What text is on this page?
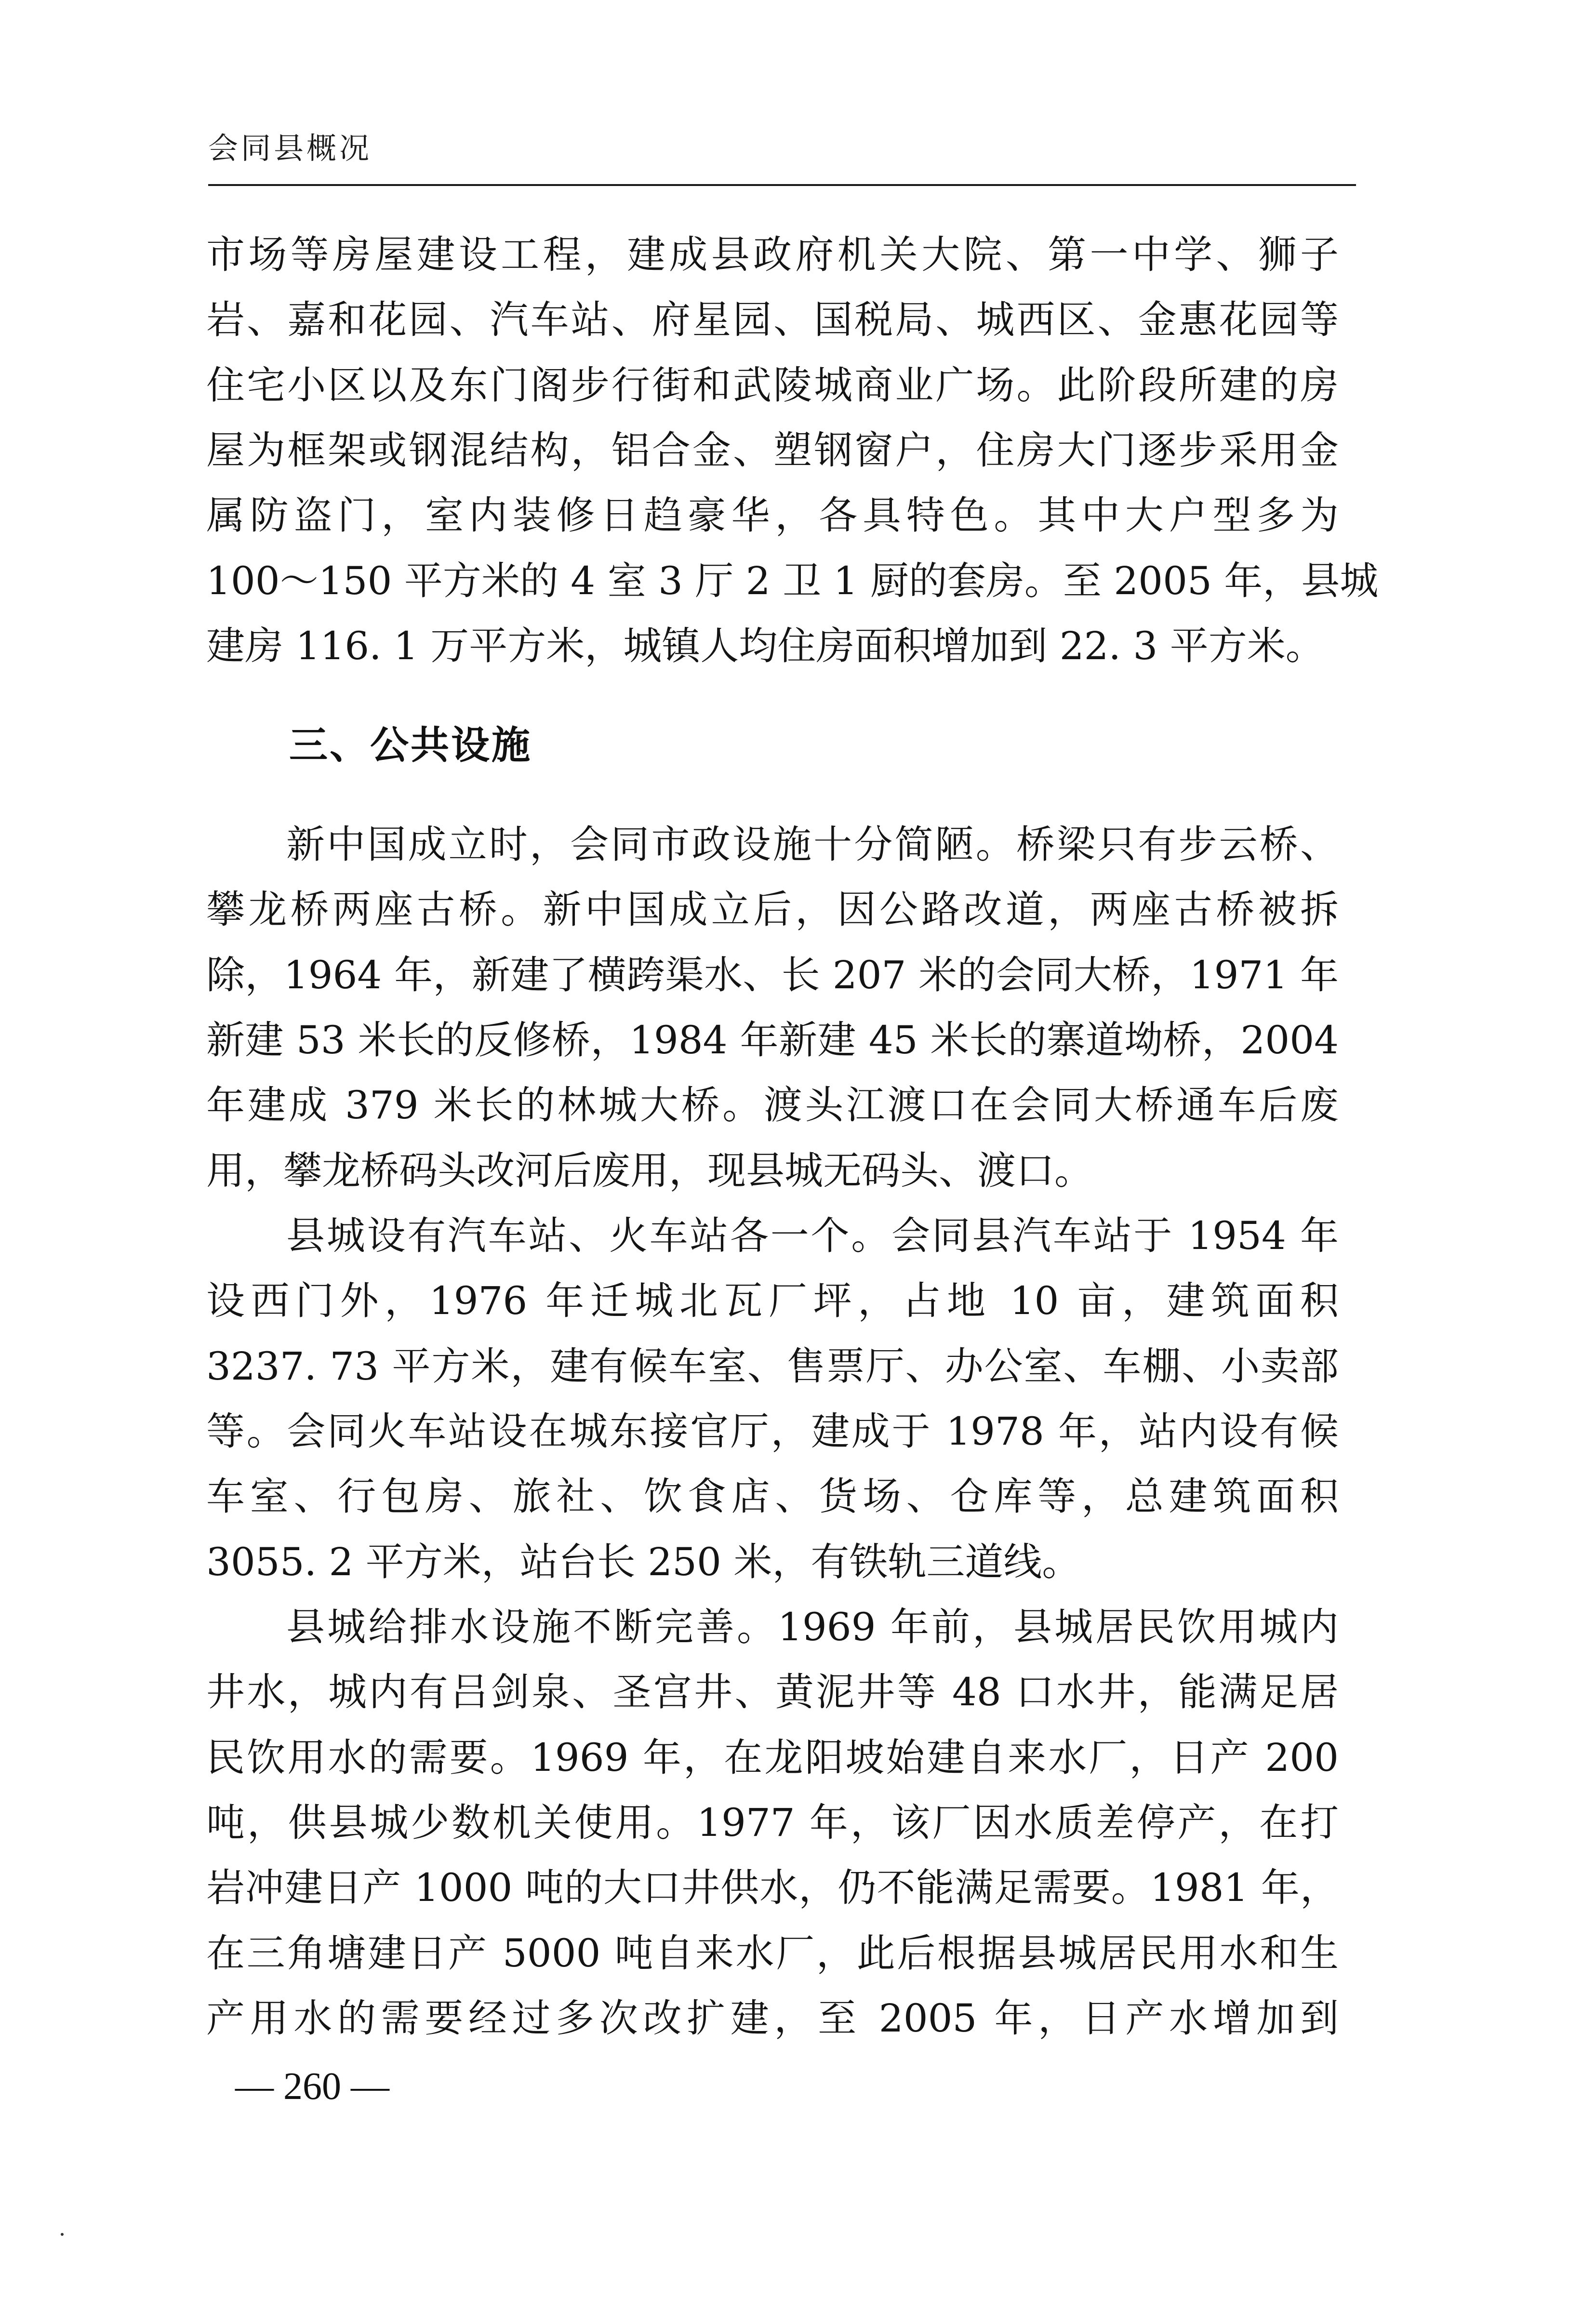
会同县概况
市场等房屋建设工程，建成县政府机关大院、第一中学、狮子
岩、嘉和花园、汽车站、府星园、国税局、城西区、金惠花园等
住宅小区以及东门阁步行街和武陵城商业广场。此阶段所建的房
屋为框架或钢混结构，铝合金、塑钢窗户，住房大门逐步采用金
属防盗门，室内装修日趋豪华，各具特色。其中大户型多为
100～150 平方米的 4 室 3 厅 2 卫 1 厨的套房。至 2005 年，县城
建房 116. 1 万平方米，城镇人均住房面积增加到 22. 3 平方米。
三、公共设施
新中国成立时，会同市政设施十分简陋。桥梁只有步云桥、
攀龙桥两座古桥。新中国成立后，因公路改道，两座古桥被拆
除，1964 年，新建了横跨渠水、长 207 米的会同大桥，1971 年
新建 53 米长的反修桥，1984 年新建 45 米长的寨道坳桥，2004
年建成 379 米长的林城大桥。渡头江渡口在会同大桥通车后废
用，攀龙桥码头改河后废用，现县城无码头、渡口。
县城设有汽车站、火车站各一个。会同县汽车站于 1954 年
设西门外，1976 年迁城北瓦厂坪，占地 10 亩，建筑面积
3237. 73 平方米，建有候车室、售票厅、办公室、车棚、小卖部
等。会同火车站设在城东接官厅，建成于 1978 年，站内设有候
车室、行包房、旅社、饮食店、货场、仓库等，总建筑面积
3055. 2 平方米，站台长 250 米，有铁轨三道线。
县城给排水设施不断完善。1969 年前，县城居民饮用城内
井水，城内有吕剑泉、圣宫井、黄泥井等 48 口水井，能满足居
民饮用水的需要。1969 年，在龙阳坡始建自来水厂，日产 200
吨，供县城少数机关使用。1977 年，该厂因水质差停产，在打
岩冲建日产 1000 吨的大口井供水，仍不能满足需要。1981 年，
在三角塘建日产 5000 吨自来水厂，此后根据县城居民用水和生
产用水的需要经过多次改扩建，至 2005 年，日产水增加到
— 260 —
